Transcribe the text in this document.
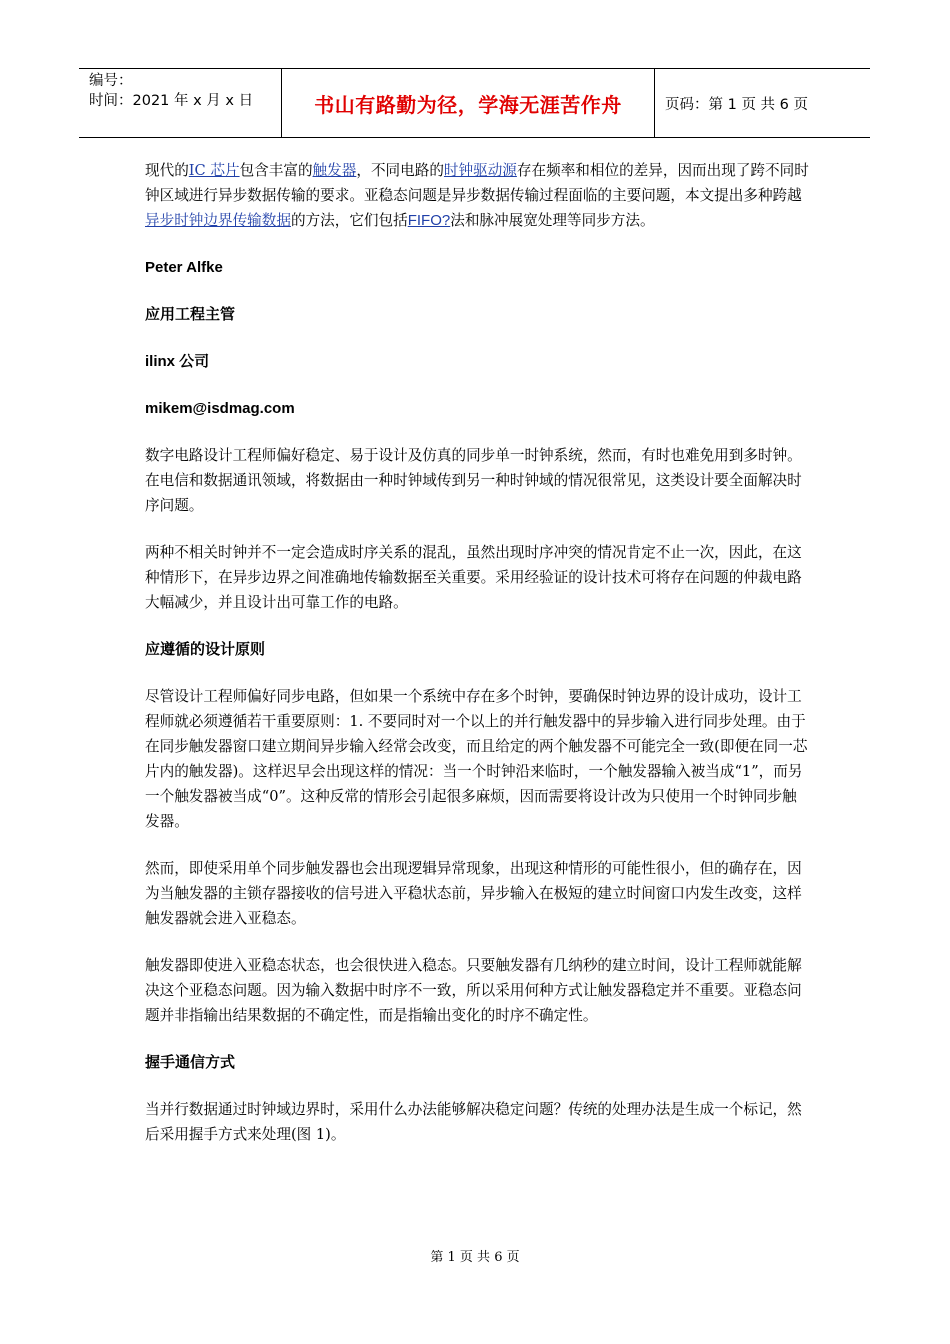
编号：
时间：2021 年 x 月 x 日	书山有路勤为径，学海无涯苦作舟	页码：第 1 页 共 6 页

现代的IC 芯片包含丰富的触发器，不同电路的时钟驱动源存在频率和相位的差异，因而出现了跨不同时钟区域进行异步数据传输的要求。亚稳态问题是异步数据传输过程面临的主要问题，本文提出多种跨越异步时钟边界传输数据的方法，它们包括FIFO?法和脉冲展宽处理等同步方法。

Peter Alfke

应用工程主管

ilinx 公司

mikem@isdmag.com

数字电路设计工程师偏好稳定、易于设计及仿真的同步单一时钟系统，然而，有时也难免用到多时钟。在电信和数据通讯领域，将数据由一种时钟域传到另一种时钟域的情况很常见，这类设计要全面解决时序问题。

两种不相关时钟并不一定会造成时序关系的混乱，虽然出现时序冲突的情况肯定不止一次，因此，在这种情形下，在异步边界之间准确地传输数据至关重要。采用经验证的设计技术可将存在问题的仲裁电路大幅减少，并且设计出可靠工作的电路。

应遵循的设计原则

尽管设计工程师偏好同步电路，但如果一个系统中存在多个时钟，要确保时钟边界的设计成功，设计工程师就必须遵循若干重要原则：1. 不要同时对一个以上的并行触发器中的异步输入进行同步处理。由于在同步触发器窗口建立期间异步输入经常会改变，而且给定的两个触发器不可能完全一致(即便在同一芯片内的触发器)。这样迟早会出现这样的情况：当一个时钟沿来临时，一个触发器输入被当成“1”，而另一个触发器被当成“0”。这种反常的情形会引起很多麻烦，因而需要将设计改为只使用一个时钟同步触发器。

然而，即使采用单个同步触发器也会出现逻辑异常现象，出现这种情形的可能性很小，但的确存在，因为当触发器的主锁存器接收的信号进入平稳状态前，异步输入在极短的建立时间窗口内发生改变，这样触发器就会进入亚稳态。

触发器即使进入亚稳态状态，也会很快进入稳态。只要触发器有几纳秒的建立时间，设计工程师就能解决这个亚稳态问题。因为输入数据中时序不一致，所以采用何种方式让触发器稳定并不重要。亚稳态问题并非指输出结果数据的不确定性，而是指输出变化的时序不确定性。

握手通信方式

当并行数据通过时钟域边界时，采用什么办法能够解决稳定问题？传统的处理办法是生成一个标记，然后采用握手方式来处理(图 1)。

第 1 页 共 6 页
